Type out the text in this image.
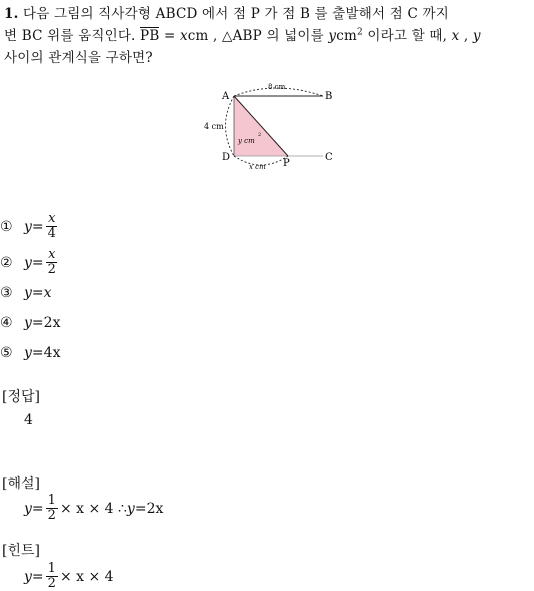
1. 다음 그림의 직사각형 ABCD 에서 점 P 가 점 B 를 출발해서 점 C 까지
변 BC 위를 움직인다. PB = xcm , △ABP 의 넓이를 ycm$^2$ 이라고 할 때, x , y
사이의 관계식을 구하면?
A	B
C
D
P
8 cm
4 cm
x cm
y cm
2
① $y = \frac{x}{4}$
② $y = \frac{x}{2}$
③ y = x
④ y = 2x
⑤ y = 4x
[정답]
4
[해설]
$y = \frac{1}{2} \times x \times 4$ ∴ y = 2x
[힌트]
$y = \frac{1}{2} \times x \times 4$
